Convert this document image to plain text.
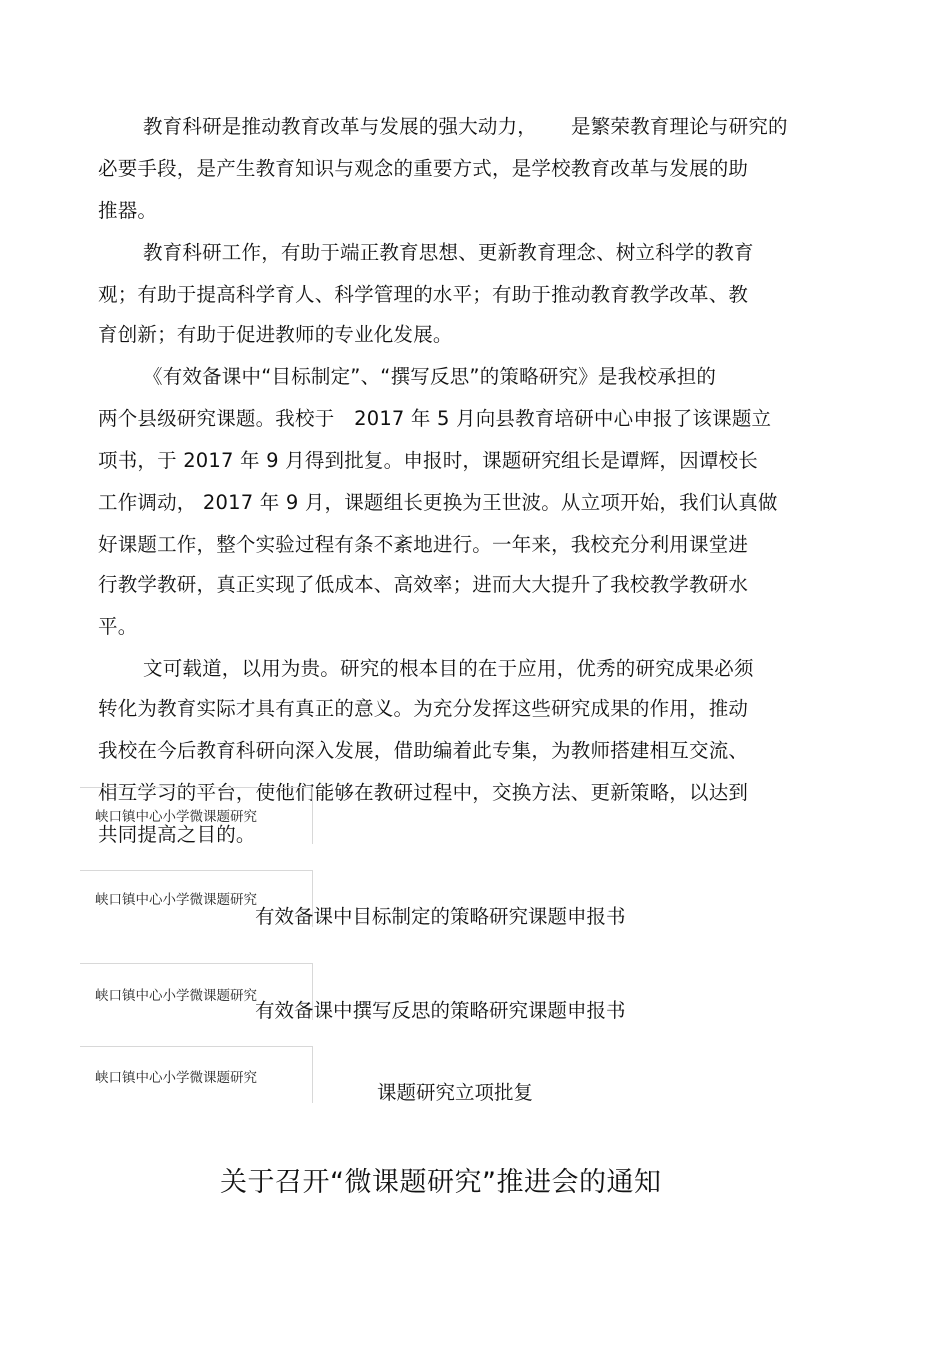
教育科研是推动教育改革与发展的强大动力， 是繁荣教育理论与研究的
必要手段，是产生教育知识与观念的重要方式，是学校教育改革与发展的助
推器。
教育科研工作，有助于端正教育思想、更新教育理念、树立科学的教育
观；有助于提高科学育人、科学管理的水平；有助于推动教育教学改革、教
育创新；有助于促进教师的专业化发展。
《有效备课中“目标制定”、“撰写反思”的策略研究》是我校承担的
两个县级研究课题。我校于　2017 年 5 月向县教育培研中心申报了该课题立
项书，于 2017 年 9 月得到批复。申报时，课题研究组长是谭辉，因谭校长
工作调动， 2017 年 9 月，课题组长更换为王世波。从立项开始，我们认真做
好课题工作，整个实验过程有条不紊地进行。一年来，我校充分利用课堂进
行教学教研，真正实现了低成本、高效率；进而大大提升了我校教学教研水
平。
文可载道，以用为贵。研究的根本目的在于应用，优秀的研究成果必须
转化为教育实际才具有真正的意义。为充分发挥这些研究成果的作用，推动
我校在今后教育科研向深入发展，借助编着此专集，为教师搭建相互交流、
相互学习的平台，使他们能够在教研过程中，交换方法、更新策略，以达到
共同提高之目的。
峡口镇中心小学微课题研究
峡口镇中心小学微课题研究
峡口镇中心小学微课题研究
峡口镇中心小学微课题研究
有效备课中目标制定的策略研究课题申报书
有效备课中撰写反思的策略研究课题申报书
课题研究立项批复
关于召开“微课题研究”推进会的通知
